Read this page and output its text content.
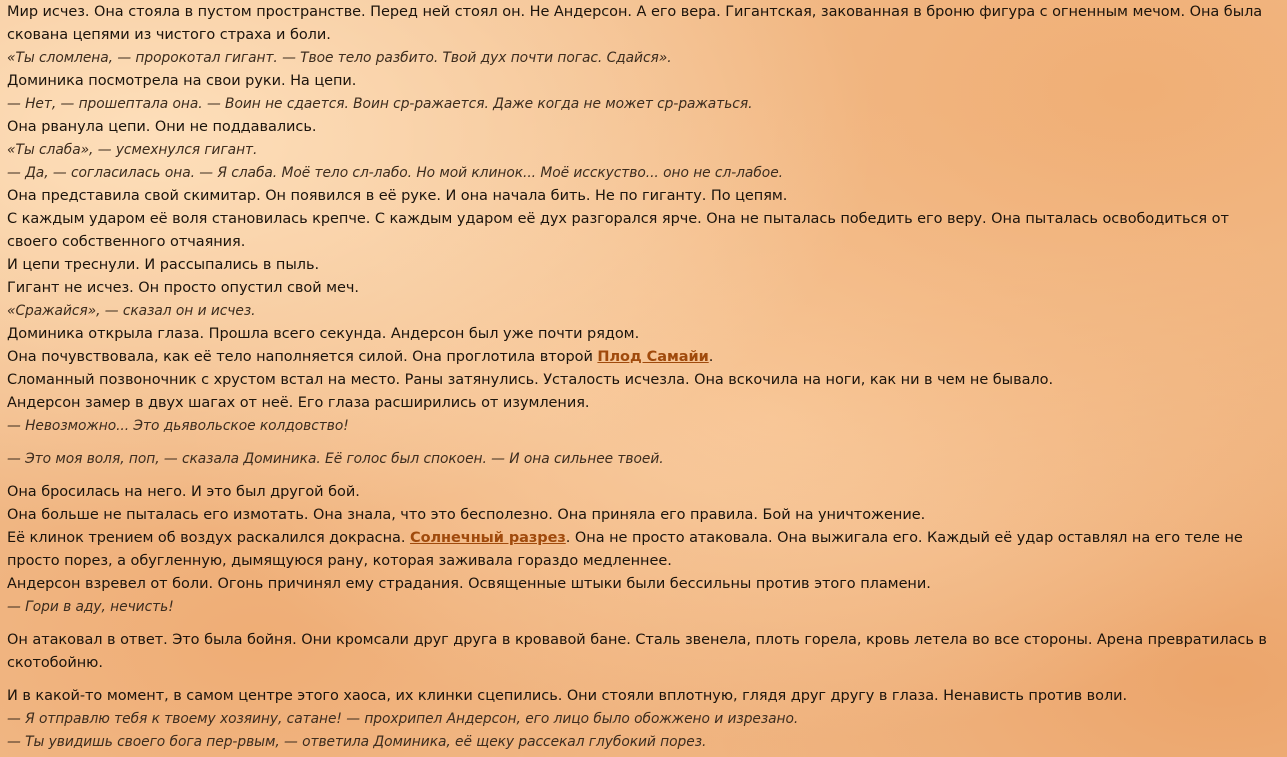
Мир исчез. Она стояла в пустом пространстве. Перед ней стоял он. Не Андерсон. А его вера. Гигантская, закованная в броню фигура с огненным мечом. Она была скована цепями из чистого страха и боли.

«Ты сломлена, — пророкотал гигант. — Твое тело разбито. Твой дух почти погас. Сдайся».

Доминика посмотрела на свои руки. На цепи.

— Нет, — прошептала она. — Воин не сдается. Воин ср-ражается. Даже когда не может ср-ражаться.

Она рванула цепи. Они не поддавались.

«Ты слаба», — усмехнулся гигант.

— Да, — согласилась она. — Я слаба. Моё тело сл-лабо. Но мой клинок... Моё исскуство... оно не сл-лабое.

Она представила свой скимитар. Он появился в её руке. И она начала бить. Не по гиганту. По цепям.

С каждым ударом её воля становилась крепче. С каждым ударом её дух разгорался ярче. Она не пыталась победить его веру. Она пыталась освободиться от своего собственного отчаяния.

И цепи треснули. И рассыпались в пыль.

Гигант не исчез. Он просто опустил свой меч.

«Сражайся», — сказал он и исчез.

Доминика открыла глаза. Прошла всего секунда. Андерсон был уже почти рядом.

Она почувствовала, как её тело наполняется силой. Она проглотила второй Плод Самайи.

Сломанный позвоночник с хрустом встал на место. Раны затянулись. Усталость исчезла. Она вскочила на ноги, как ни в чем не бывало.

Андерсон замер в двух шагах от неё. Его глаза расширились от изумления.

— Невозможно... Это дьявольское колдовство!

— Это моя воля, поп, — сказала Доминика. Её голос был спокоен. — И она сильнее твоей.

Она бросилась на него. И это был другой бой.

Она больше не пыталась его измотать. Она знала, что это бесполезно. Она приняла его правила. Бой на уничтожение.

Её клинок трением об воздух раскалился докрасна. Солнечный разрез. Она не просто атаковала. Она выжигала его. Каждый её удар оставлял на его теле не просто порез, а обугленную, дымящуюся рану, которая заживала гораздо медленнее.

Андерсон взревел от боли. Огонь причинял ему страдания. Освященные штыки были бессильны против этого пламени.

— Гори в аду, нечисть!

Он атаковал в ответ. Это была бойня. Они кромсали друг друга в кровавой бане. Сталь звенела, плоть горела, кровь летела во все стороны. Арена превратилась в скотобойню.

И в какой-то момент, в самом центре этого хаоса, их клинки сцепились. Они стояли вплотную, глядя друг другу в глаза. Ненависть против воли.

— Я отправлю тебя к твоему хозяину, сатане! — прохрипел Андерсон, его лицо было обожжено и изрезано.

— Ты увидишь своего бога пер-рвым, — ответила Доминика, её щеку рассекал глубокий порез.
